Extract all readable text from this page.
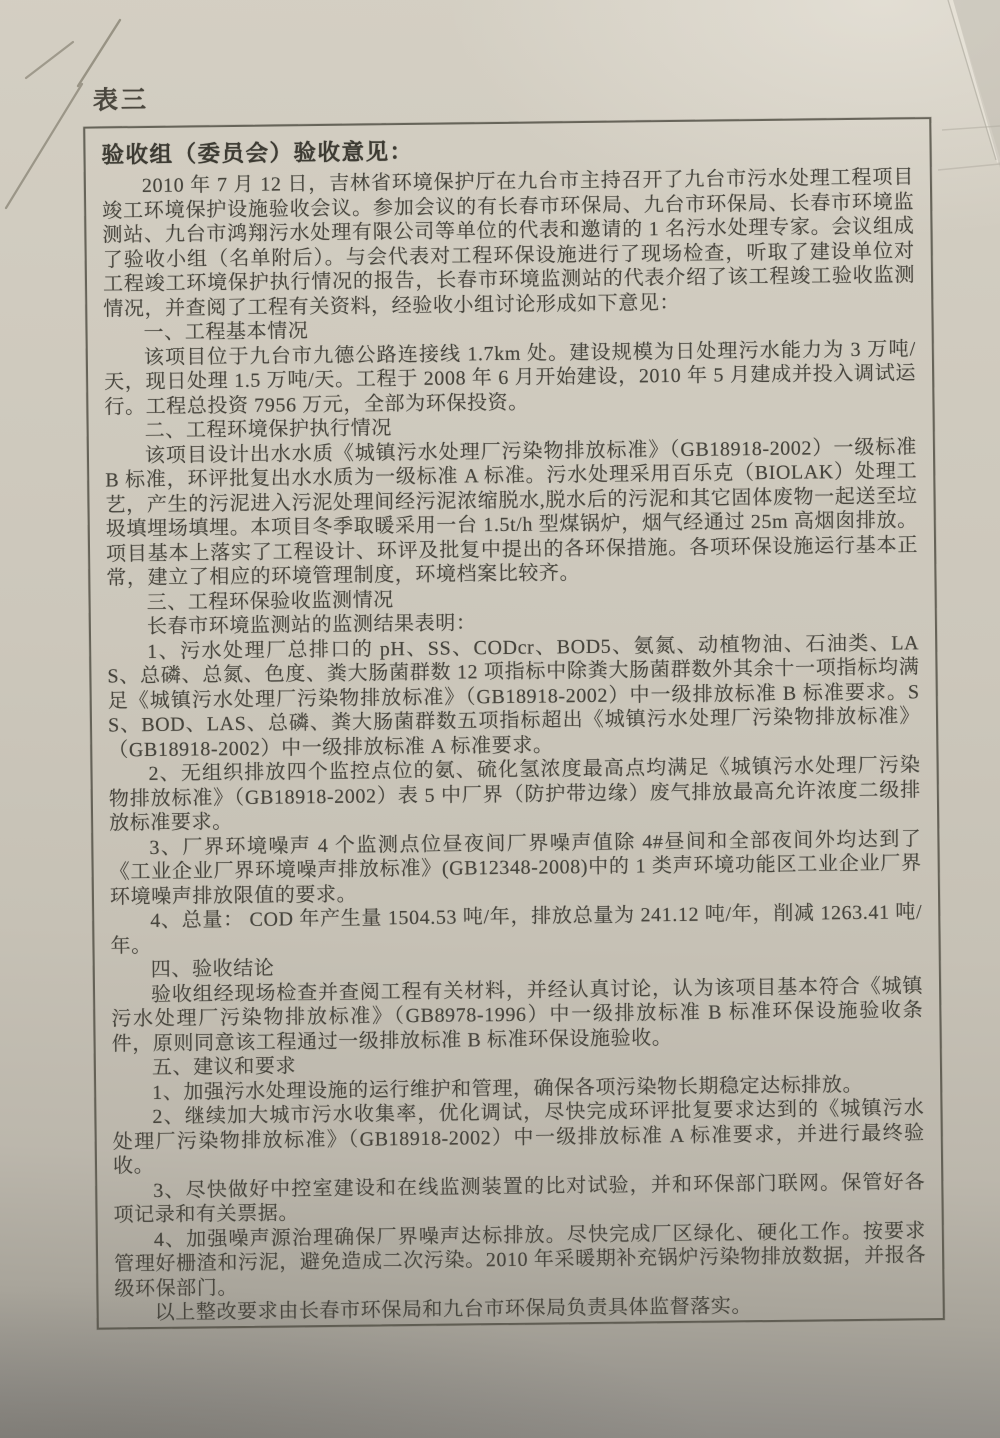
表三
验收组（委员会）验收意见：

2010 年 7 月 12 日，吉林省环境保护厅在九台市主持召开了九台市污水处理工程项目竣工环境保护设施验收会议。参加会议的有长春市环保局、九台市环保局、长春市环境监测站、九台市鸿翔污水处理有限公司等单位的代表和邀请的 1 名污水处理专家。会议组成了验收小组（名单附后）。与会代表对工程环保设施进行了现场检查，听取了建设单位对工程竣工环境保护执行情况的报告，长春市环境监测站的代表介绍了该工程竣工验收监测情况，并查阅了工程有关资料，经验收小组讨论形成如下意见：

一、工程基本情况

该项目位于九台市九德公路连接线 1.7km 处。建设规模为日处理污水能力为 3 万吨/天，现日处理 1.5 万吨/天。工程于 2008 年 6 月开始建设，2010 年 5 月建成并投入调试运行。工程总投资 7956 万元，全部为环保投资。

二、工程环境保护执行情况

该项目设计出水水质《城镇污水处理厂污染物排放标准》（GB18918-2002）一级标准 B 标准，环评批复出水水质为一级标准 A 标准。污水处理采用百乐克（BIOLAK）处理工艺，产生的污泥进入污泥处理间经污泥浓缩脱水,脱水后的污泥和其它固体废物一起送至垃圾填埋场填埋。本项目冬季取暖采用一台 1.5t/h 型煤锅炉，烟气经通过 25m 高烟囱排放。项目基本上落实了工程设计、环评及批复中提出的各环保措施。各项环保设施运行基本正常，建立了相应的环境管理制度，环境档案比较齐。

三、工程环保验收监测情况

长春市环境监测站的监测结果表明：

1、污水处理厂总排口的 pH、SS、CODcr、BOD5、氨氮、动植物油、石油类、LAS、总磷、总氮、色度、粪大肠菌群数 12 项指标中除粪大肠菌群数外其余十一项指标均满足《城镇污水处理厂污染物排放标准》（GB18918-2002）中一级排放标准 B 标准要求。SS、BOD、LAS、总磷、粪大肠菌群数五项指标超出《城镇污水处理厂污染物排放标准》（GB18918-2002）中一级排放标准 A 标准要求。

2、无组织排放四个监控点位的氨、硫化氢浓度最高点均满足《城镇污水处理厂污染物排放标准》（GB18918-2002）表 5 中厂界（防护带边缘）废气排放最高允许浓度二级排放标准要求。

3、厂界环境噪声 4 个监测点位昼夜间厂界噪声值除 4#昼间和全部夜间外均达到了《工业企业厂界环境噪声排放标准》(GB12348-2008)中的 1 类声环境功能区工业企业厂界环境噪声排放限值的要求。

4、总量： COD 年产生量 1504.53 吨/年，排放总量为 241.12 吨/年，削减 1263.41 吨/年。

四、验收结论

验收组经现场检查并查阅工程有关材料，并经认真讨论，认为该项目基本符合《城镇污水处理厂污染物排放标准》（GB8978-1996）中一级排放标准 B 标准环保设施验收条件，原则同意该工程通过一级排放标准 B 标准环保设施验收。

五、建议和要求

1、加强污水处理设施的运行维护和管理，确保各项污染物长期稳定达标排放。

2、继续加大城市污水收集率，优化调试，尽快完成环评批复要求达到的《城镇污水处理厂污染物排放标准》（GB18918-2002）中一级排放标准 A 标准要求，并进行最终验收。

3、尽快做好中控室建设和在线监测装置的比对试验，并和环保部门联网。保管好各项记录和有关票据。

4、加强噪声源治理确保厂界噪声达标排放。尽快完成厂区绿化、硬化工作。按要求管理好栅渣和污泥，避免造成二次污染。2010 年采暖期补充锅炉污染物排放数据，并报各级环保部门。

以上整改要求由长春市环保局和九台市环保局负责具体监督落实。
